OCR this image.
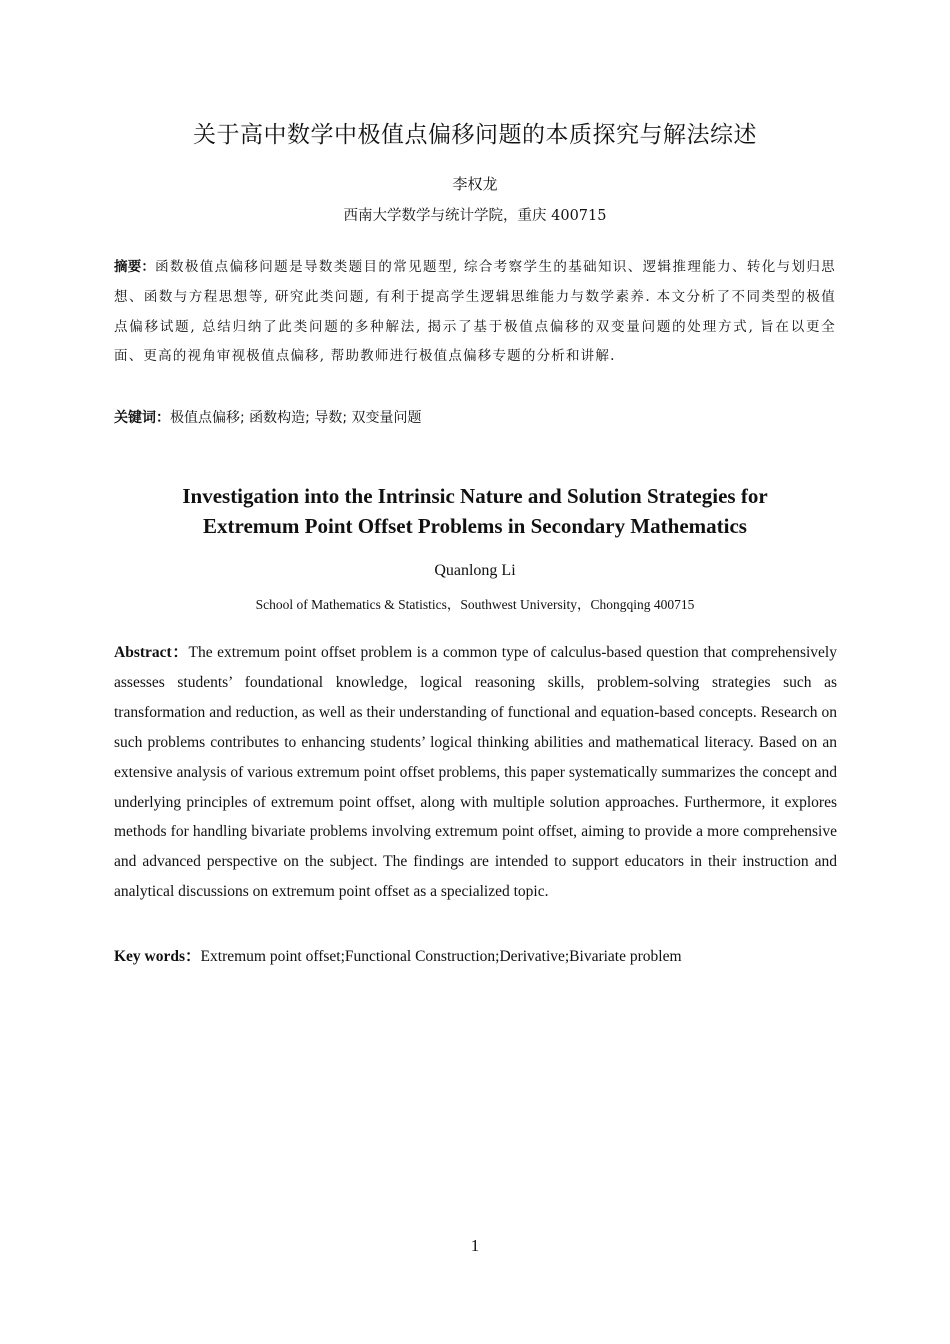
关于高中数学中极值点偏移问题的本质探究与解法综述
李权龙
西南大学数学与统计学院，重庆 400715

摘要：函数极值点偏移问题是导数类题目的常见题型, 综合考察学生的基础知识、逻辑推理能力、转化与划归思想、函数与方程思想等, 研究此类问题, 有利于提高学生逻辑思维能力与数学素养. 本文分析了不同类型的极值点偏移试题, 总结归纳了此类问题的多种解法, 揭示了基于极值点偏移的双变量问题的处理方式, 旨在以更全面、更高的视角审视极值点偏移, 帮助教师进行极值点偏移专题的分析和讲解.

关键词：极值点偏移; 函数构造; 导数; 双变量问题

Investigation into the Intrinsic Nature and Solution Strategies for
Extremum Point Offset Problems in Secondary Mathematics
Quanlong Li
School of Mathematics & Statistics，Southwest University，Chongqing 400715

Abstract：The extremum point offset problem is a common type of calculus-based question that comprehensively assesses students’ foundational knowledge, logical reasoning skills, problem-solving strategies such as transformation and reduction, as well as their understanding of functional and equation-based concepts. Research on such problems contributes to enhancing students’ logical thinking abilities and mathematical literacy. Based on an extensive analysis of various extremum point offset problems, this paper systematically summarizes the concept and underlying principles of extremum point offset, along with multiple solution approaches. Furthermore, it explores methods for handling bivariate problems involving extremum point offset, aiming to provide a more comprehensive and advanced perspective on the subject. The findings are intended to support educators in their instruction and analytical discussions on extremum point offset as a specialized topic.

Key words：Extremum point offset;Functional Construction;Derivative;Bivariate problem

1
